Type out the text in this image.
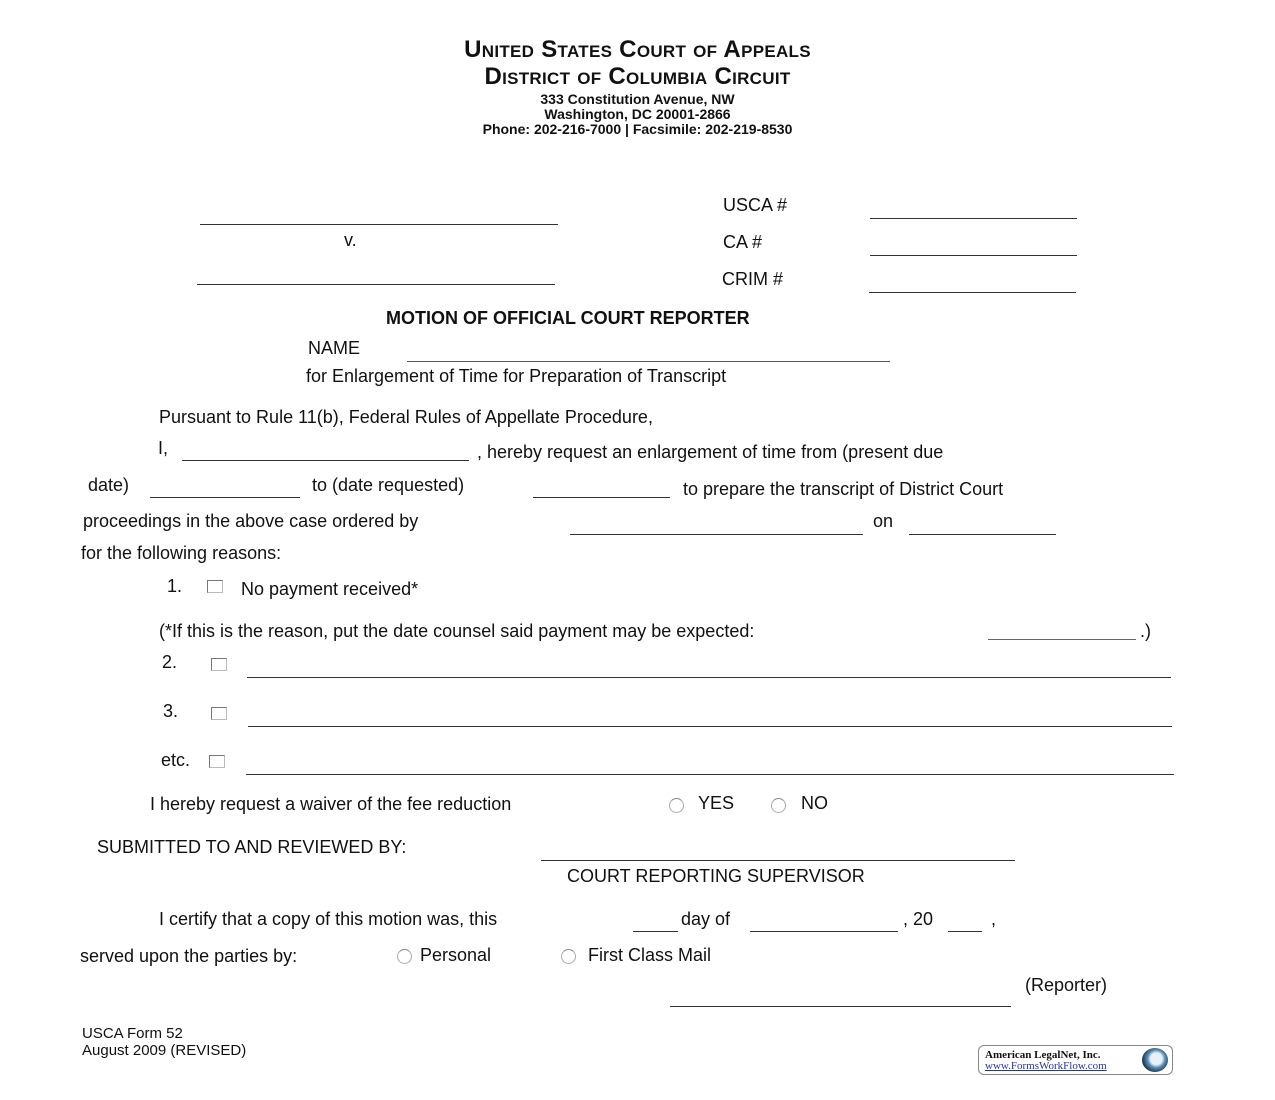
United States Court of Appeals
District of Columbia Circuit
333 Constitution Avenue, NW
Washington, DC 20001-2866
Phone: 202-216-7000 | Facsimile: 202-219-8530
v.
USCA #
CA #
CRIM #
MOTION OF OFFICIAL COURT REPORTER
NAME
for Enlargement of Time for Preparation of Transcript
Pursuant to Rule 11(b), Federal Rules of Appellate Procedure,
I,	, hereby request an enlargement of time from (present due
date)	to (date requested)	to prepare the transcript of District Court
proceedings in the above case ordered by	on
for the following reasons:
1.	No payment received*
(*If this is the reason, put the date counsel said payment may be expected:	.)
2.
3.
etc.
I hereby request a waiver of the fee reduction	YES	NO
SUBMITTED TO AND REVIEWED BY:
COURT REPORTING SUPERVISOR
I certify that a copy of this motion was, this	day of	, 20	,
served upon the parties by:	Personal	First Class Mail
(Reporter)
USCA Form 52
August 2009 (REVISED)	American LegalNet, Inc.
www.FormsWorkFlow.com
